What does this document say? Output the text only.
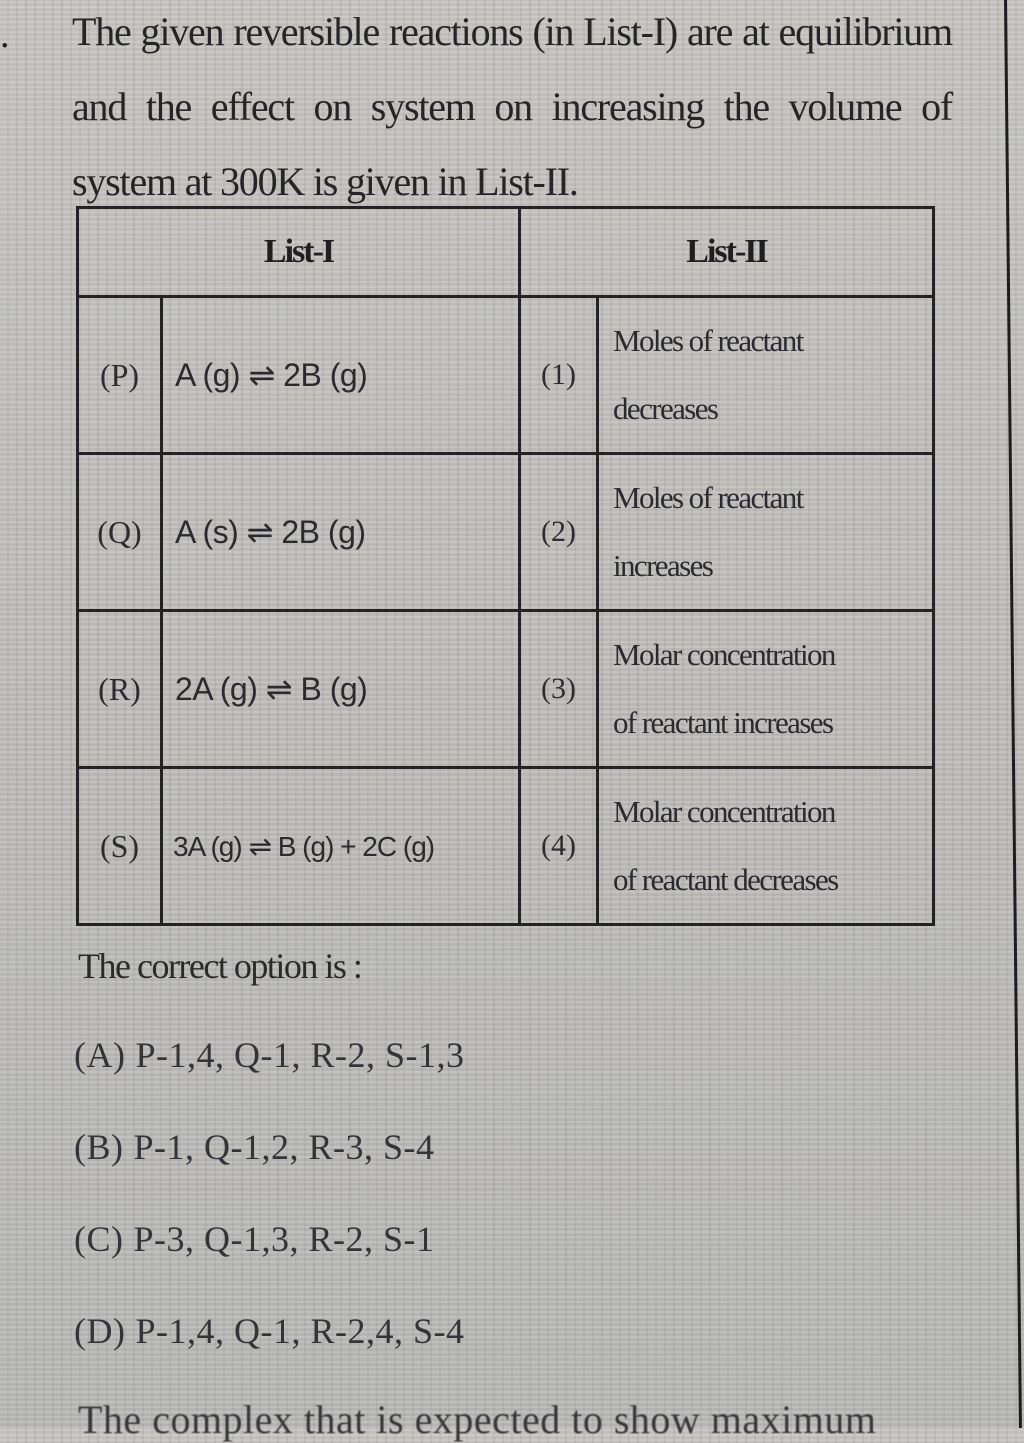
. The given reversible reactions (in List-I) are at equilibrium and the effect on system on increasing the volume of system at 300K is given in List-II.
List-I		List-II	
(P)	A (g) ⇌ 2B (g)	(1)	Moles of reactant
decreases

(Q)	A (s) ⇌ 2B (g)	(2)	Moles of reactant
increases

(R)	2A (g) ⇌ B (g)	(3)	Molar concentration
of reactant increases

(S)	3A (g) ⇌ B (g) + 2C (g)	(4)	Molar concentration
of reactant decreases
The correct option is :
(A) P-1,4, Q-1, R-2, S-1,3
(B) P-1, Q-1,2, R-3, S-4
(C) P-3, Q-1,3, R-2, S-1
(D) P-1,4, Q-1, R-2,4, S-4
The complex that is expected to show maximum
